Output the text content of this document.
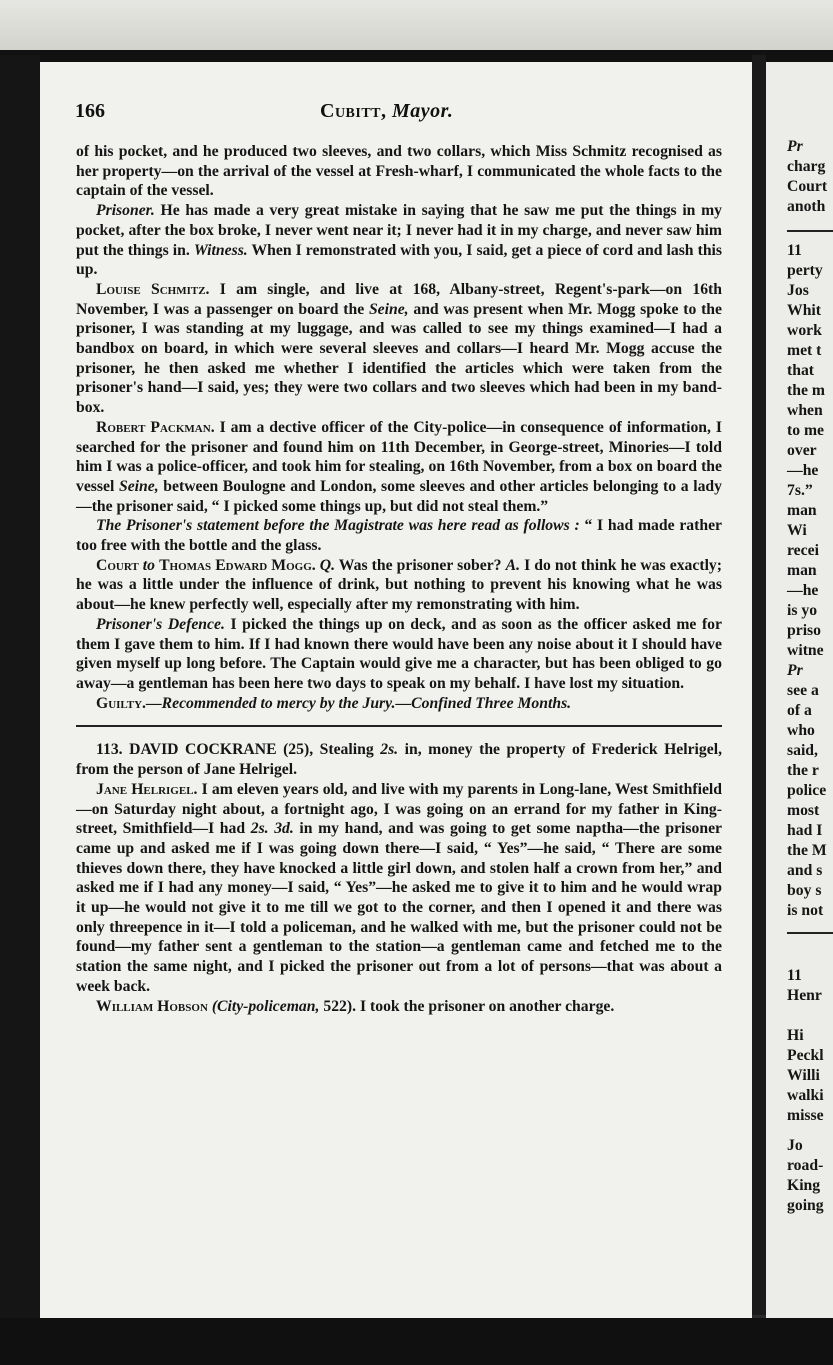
166	Cubitt, Mayor.

of his pocket, and he produced two sleeves, and two collars, which Miss Schmitz recognised as her property—on the arrival of the vessel at Fresh-wharf, I communicated the whole facts to the captain of the vessel.

Prisoner. He has made a very great mistake in saying that he saw me put the things in my pocket, after the box broke, I never went near it; I never had it in my charge, and never saw him put the things in. Witness. When I remonstrated with you, I said, get a piece of cord and lash this up.

Louise Schmitz. I am single, and live at 168, Albany-street, Regent's-park—on 16th November, I was a passenger on board the Seine, and was present when Mr. Mogg spoke to the prisoner, I was standing at my luggage, and was called to see my things examined—I had a bandbox on board, in which were several sleeves and collars—I heard Mr. Mogg accuse the prisoner, he then asked me whether I identified the articles which were taken from the prisoner's hand—I said, yes; they were two collars and two sleeves which had been in my band-box.

Robert Packman. I am a dective officer of the City-police—in consequence of information, I searched for the prisoner and found him on 11th December, in George-street, Minories—I told him I was a police-officer, and took him for stealing, on 16th November, from a box on board the vessel Seine, between Boulogne and London, some sleeves and other articles belonging to a lady—the prisoner said, “ I picked some things up, but did not steal them.”

The Prisoner's statement before the Magistrate was here read as follows : “ I had made rather too free with the bottle and the glass.

Court to Thomas Edward Mogg. Q. Was the prisoner sober? A. I do not think he was exactly; he was a little under the influence of drink, but nothing to prevent his knowing what he was about—he knew perfectly well, especially after my remonstrating with him.

Prisoner's Defence. I picked the things up on deck, and as soon as the officer asked me for them I gave them to him. If I had known there would have been any noise about it I should have given myself up long before. The Captain would give me a character, but has been obliged to go away—a gentleman has been here two days to speak on my behalf. I have lost my situation.

Guilty.—Recommended to mercy by the Jury.—Confined Three Months.

113. DAVID COCKRANE (25), Stealing 2s. in, money the property of Frederick Helrigel, from the person of Jane Helrigel.

Jane Helrigel. I am eleven years old, and live with my parents in Long-lane, West Smithfield—on Saturday night about, a fortnight ago, I was going on an errand for my father in King-street, Smithfield—I had 2s. 3d. in my hand, and was going to get some naptha—the prisoner came up and asked me if I was going down there—I said, “ Yes”—he said, “ There are some thieves down there, they have knocked a little girl down, and stolen half a crown from her,” and asked me if I had any money—I said, “ Yes”—he asked me to give it to him and he would wrap it up—he would not give it to me till we got to the corner, and then I opened it and there was only threepence in it—I told a policeman, and he walked with me, but the prisoner could not be found—my father sent a gentleman to the station—a gentleman came and fetched me to the station the same night, and I picked the prisoner out from a lot of persons—that was about a week back.

William Hobson (City-policeman, 522). I took the prisoner on another charge.

Pr
charg
Court
anoth
11
perty
Jos
Whit
work
met t
that
the m
when
to me
over
—he
7s.”
man
Wi
recei
man
—he
is yo
priso
witne
Pr
see a
of a
who
said,
the r
police
most
had I
the M
and s
boy s
is not
11
Henr
Hi
Peckl
Willi
walki
misse
Jo
road-
King
going
